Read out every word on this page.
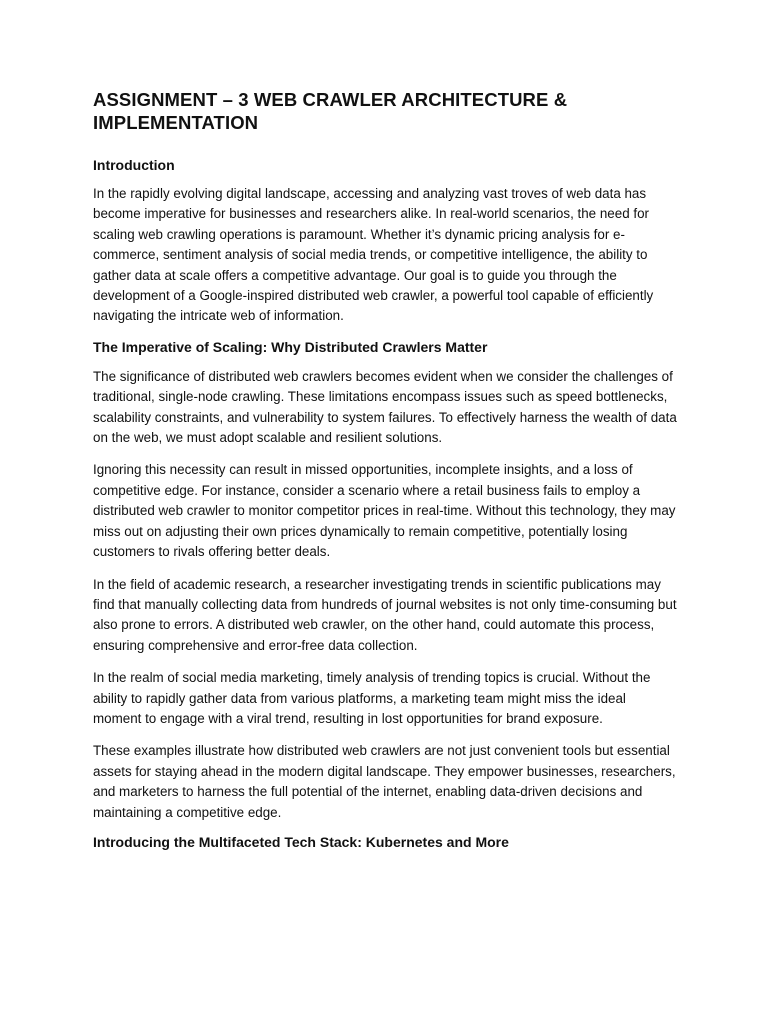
ASSIGNMENT – 3 WEB CRAWLER ARCHITECTURE & IMPLEMENTATION
Introduction

In the rapidly evolving digital landscape, accessing and analyzing vast troves of web data has become imperative for businesses and researchers alike. In real-world scenarios, the need for scaling web crawling operations is paramount. Whether it’s dynamic pricing analysis for e-commerce, sentiment analysis of social media trends, or competitive intelligence, the ability to gather data at scale offers a competitive advantage. Our goal is to guide you through the development of a Google-inspired distributed web crawler, a powerful tool capable of efficiently navigating the intricate web of information.

The Imperative of Scaling: Why Distributed Crawlers Matter

The significance of distributed web crawlers becomes evident when we consider the challenges of traditional, single-node crawling. These limitations encompass issues such as speed bottlenecks, scalability constraints, and vulnerability to system failures. To effectively harness the wealth of data on the web, we must adopt scalable and resilient solutions.

Ignoring this necessity can result in missed opportunities, incomplete insights, and a loss of competitive edge. For instance, consider a scenario where a retail business fails to employ a distributed web crawler to monitor competitor prices in real-time. Without this technology, they may miss out on adjusting their own prices dynamically to remain competitive, potentially losing customers to rivals offering better deals.

In the field of academic research, a researcher investigating trends in scientific publications may find that manually collecting data from hundreds of journal websites is not only time-consuming but also prone to errors. A distributed web crawler, on the other hand, could automate this process, ensuring comprehensive and error-free data collection.

In the realm of social media marketing, timely analysis of trending topics is crucial. Without the ability to rapidly gather data from various platforms, a marketing team might miss the ideal moment to engage with a viral trend, resulting in lost opportunities for brand exposure.

These examples illustrate how distributed web crawlers are not just convenient tools but essential assets for staying ahead in the modern digital landscape. They empower businesses, researchers, and marketers to harness the full potential of the internet, enabling data-driven decisions and maintaining a competitive edge.

Introducing the Multifaceted Tech Stack: Kubernetes and More
